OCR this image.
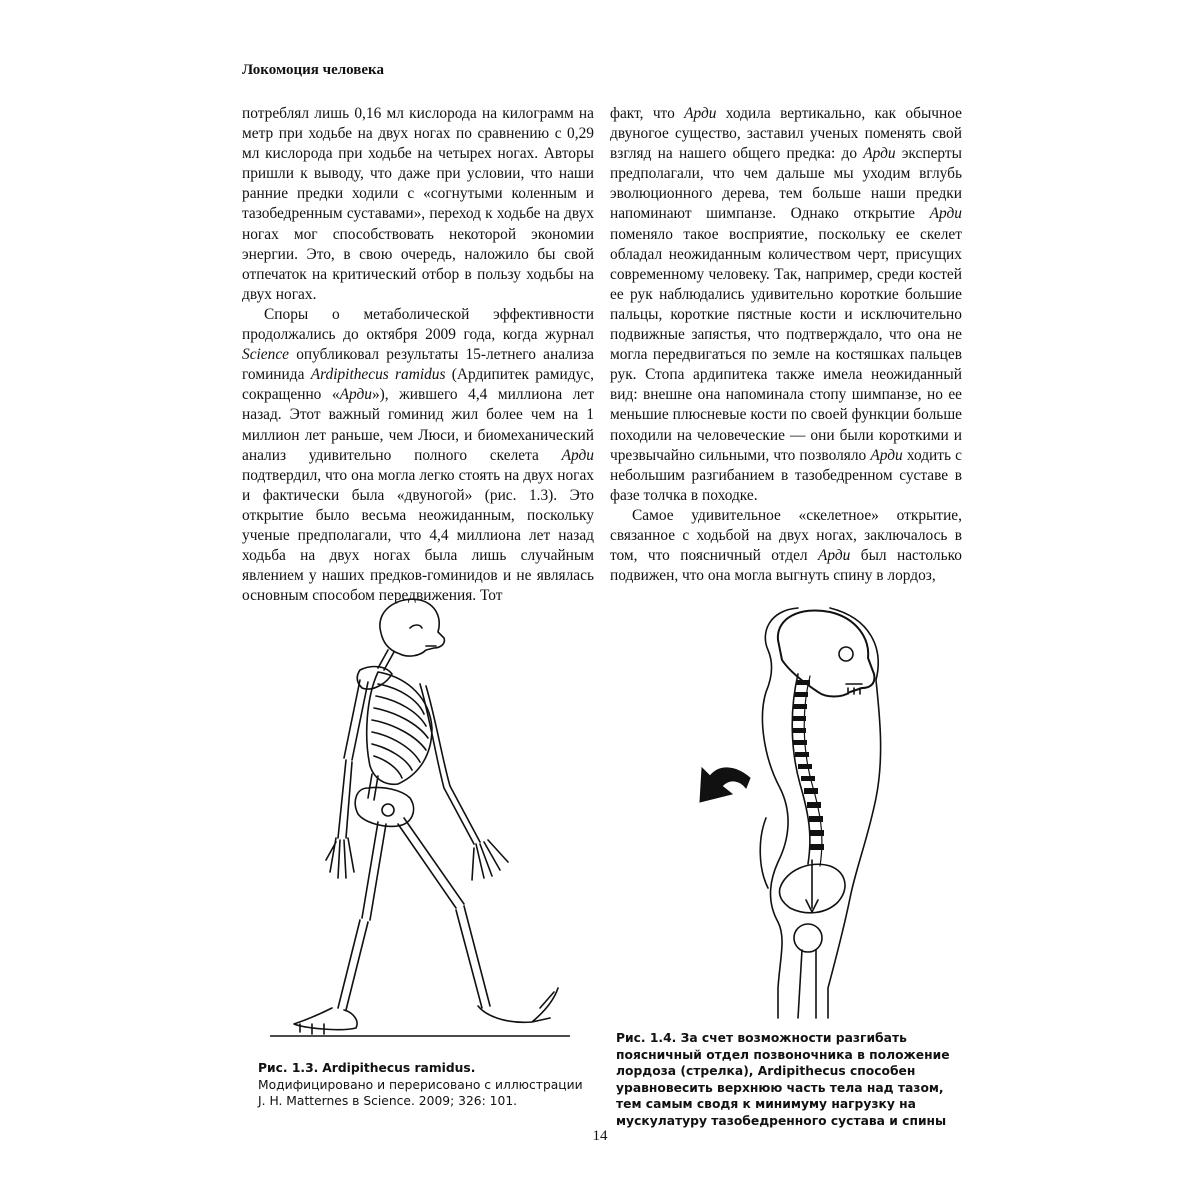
Локомоция человека

потреблял лишь 0,16 мл кислорода на килограмм на метр при ходьбе на двух ногах по сравнению с 0,29 мл кислорода при ходьбе на четырех ногах. Авторы пришли к выводу, что даже при условии, что наши ранние предки ходили с «согнутыми коленным и тазобедренным суставами», переход к ходьбе на двух ногах мог способствовать некоторой экономии энергии. Это, в свою очередь, наложило бы свой отпечаток на критический отбор в пользу ходьбы на двух ногах.

Споры о метаболической эффективности продолжались до октября 2009 года, когда журнал Science опубликовал результаты 15-летнего анализа гоминида Ardipithecus ramidus (Ардипитек рамидус, сокращенно «Арди»), жившего 4,4 миллиона лет назад. Этот важный гоминид жил более чем на 1 миллион лет раньше, чем Люси, и биомеханический анализ удивительно полного скелета Арди подтвердил, что она могла легко стоять на двух ногах и фактически была «двуногой» (рис. 1.3). Это открытие было весьма неожиданным, поскольку ученые предполагали, что 4,4 миллиона лет назад ходьба на двух ногах была лишь случайным явлением у наших предков-гоминидов и не являлась основным способом передвижения. Тот

факт, что Арди ходила вертикально, как обычное двуногое существо, заставил ученых поменять свой взгляд на нашего общего предка: до Арди эксперты предполагали, что чем дальше мы уходим вглубь эволюционного дерева, тем больше наши предки напоминают шимпанзе. Однако открытие Арди поменяло такое восприятие, поскольку ее скелет обладал неожиданным количеством черт, присущих современному человеку. Так, например, среди костей ее рук наблюдались удивительно короткие большие пальцы, короткие пястные кости и исключительно подвижные запястья, что подтверждало, что она не могла передвигаться по земле на костяшках пальцев рук. Стопа ардипитека также имела неожиданный вид: внешне она напоминала стопу шимпанзе, но ее меньшие плюсневые кости по своей функции больше походили на человеческие — они были короткими и чрезвычайно сильными, что позволяло Арди ходить с небольшим разгибанием в тазобедренном суставе в фазе толчка в походке.

Самое удивительное «скелетное» открытие, связанное с ходьбой на двух ногах, заключалось в том, что поясничный отдел Арди был настолько подвижен, что она могла выгнуть спину в лордоз,

Рис. 1.3. Ardipithecus ramidus. Модифицировано и перерисовано с иллюстрации J. H. Matternes в Science. 2009; 326: 101.
Рис. 1.4. За счет возможности разгибать поясничный отдел позвоночника в положение лордоза (стрелка), Ardipithecus способен уравновесить верхнюю часть тела над тазом, тем самым сводя к минимуму нагрузку на мускулатуру тазобедренного сустава и спины
14
